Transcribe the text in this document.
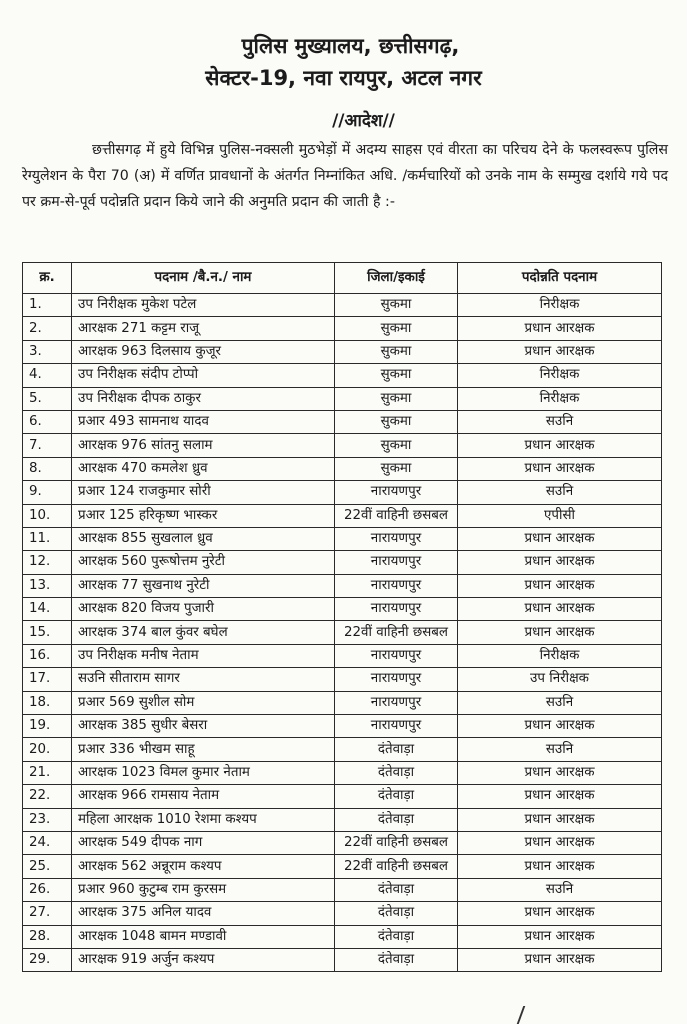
पुलिस मुख्यालय, छत्तीसगढ़,
सेक्टर-19, नवा रायपुर, अटल नगर
//आदेश//
छत्तीसगढ़ में हुये विभिन्न पुलिस-नक्सली मुठभेड़ों में अदम्य साहस एवं वीरता का परिचय देने के फलस्वरूप पुलिस रेग्युलेशन के पैरा 70 (अ) में वर्णित प्रावधानों के अंतर्गत निम्नांकित अधि. /कर्मचारियों को उनके नाम के सम्मुख दर्शाये गये पद पर क्रम-से-पूर्व पदोन्नति प्रदान किये जाने की अनुमति प्रदान की जाती है :-
क्र.	पदनाम /बै.न./ नाम	जिला/इकाई	पदोन्नति पदनाम
1.	उप निरीक्षक मुकेश पटेल	सुकमा	निरीक्षक
2.	आरक्षक 271 कट्टम राजू	सुकमा	प्रधान आरक्षक
3.	आरक्षक 963 दिलसाय कुजूर	सुकमा	प्रधान आरक्षक
4.	उप निरीक्षक संदीप टोप्पो	सुकमा	निरीक्षक
5.	उप निरीक्षक दीपक ठाकुर	सुकमा	निरीक्षक
6.	प्रआर 493 सामनाथ यादव	सुकमा	सउनि
7.	आरक्षक 976 सांतनु सलाम	सुकमा	प्रधान आरक्षक
8.	आरक्षक 470 कमलेश ध्रुव	सुकमा	प्रधान आरक्षक
9.	प्रआर 124 राजकुमार सोरी	नारायणपुर	सउनि
10.	प्रआर 125 हरिकृष्ण भास्कर	22वीं वाहिनी छसबल	एपीसी
11.	आरक्षक 855 सुखलाल ध्रुव	नारायणपुर	प्रधान आरक्षक
12.	आरक्षक 560 पुरूषोत्तम नुरेटी	नारायणपुर	प्रधान आरक्षक
13.	आरक्षक 77 सुखनाथ नुरेटी	नारायणपुर	प्रधान आरक्षक
14.	आरक्षक 820 विजय पुजारी	नारायणपुर	प्रधान आरक्षक
15.	आरक्षक 374 बाल कुंवर बघेल	22वीं वाहिनी छसबल	प्रधान आरक्षक
16.	उप निरीक्षक मनीष नेताम	नारायणपुर	निरीक्षक
17.	सउनि सीताराम सागर	नारायणपुर	उप निरीक्षक
18.	प्रआर 569 सुशील सोम	नारायणपुर	सउनि
19.	आरक्षक 385 सुधीर बेसरा	नारायणपुर	प्रधान आरक्षक
20.	प्रआर 336 भीखम साहू	दंतेवाड़ा	सउनि
21.	आरक्षक 1023 विमल कुमार नेताम	दंतेवाड़ा	प्रधान आरक्षक
22.	आरक्षक 966 रामसाय नेताम	दंतेवाड़ा	प्रधान आरक्षक
23.	महिला आरक्षक 1010 रेशमा कश्यप	दंतेवाड़ा	प्रधान आरक्षक
24.	आरक्षक 549 दीपक नाग	22वीं वाहिनी छसबल	प्रधान आरक्षक
25.	आरक्षक 562 अन्नूराम कश्यप	22वीं वाहिनी छसबल	प्रधान आरक्षक
26.	प्रआर 960 कुटुम्ब राम कुरसम	दंतेवाड़ा	सउनि
27.	आरक्षक 375 अनिल यादव	दंतेवाड़ा	प्रधान आरक्षक
28.	आरक्षक 1048 बामन मण्डावी	दंतेवाड़ा	प्रधान आरक्षक
29.	आरक्षक 919 अर्जुन कश्यप	दंतेवाड़ा	प्रधान आरक्षक
